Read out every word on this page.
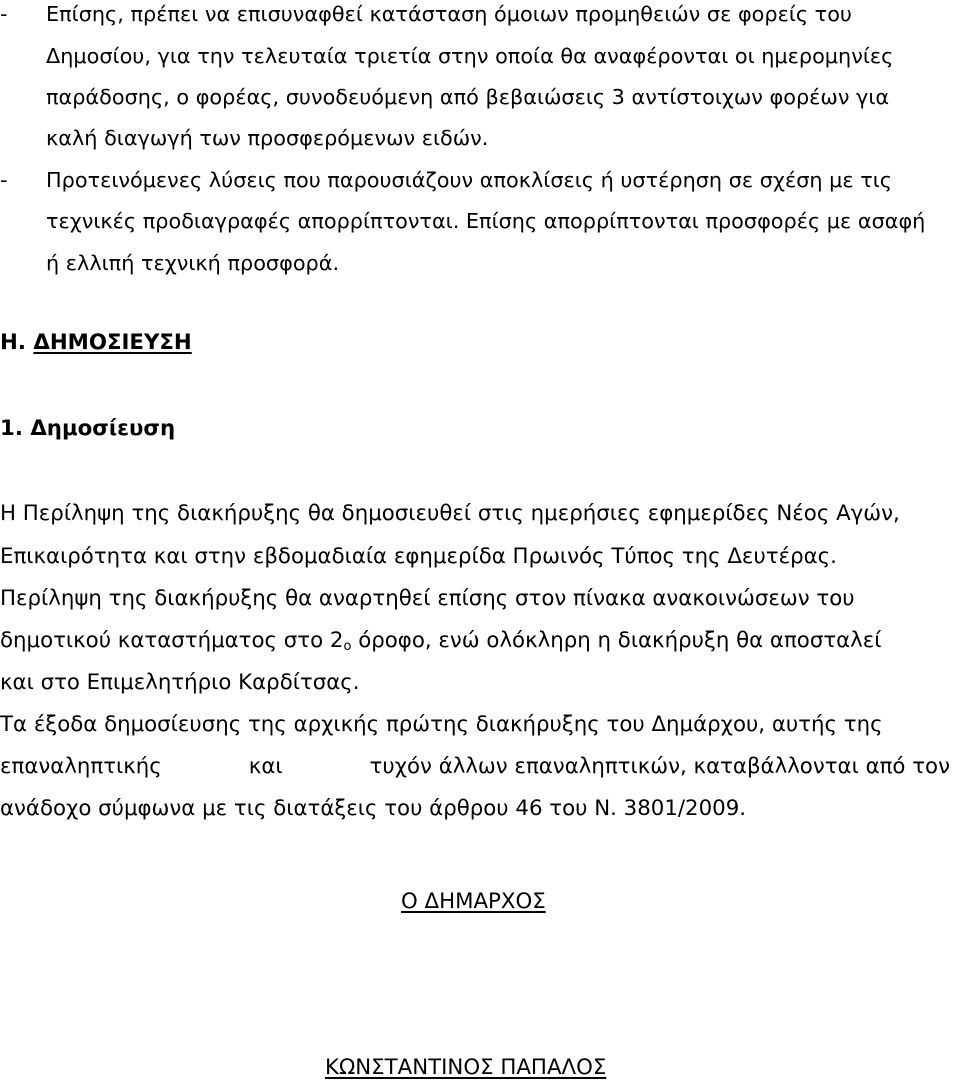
- Επίσης, πρέπει να επισυναφθεί κατάσταση όμοιων προμηθειών σε φορείς του
Δημοσίου, για την τελευταία τριετία στην οποία θα αναφέρονται οι ημερομηνίες
παράδοσης, ο φορέας, συνοδευόμενη από βεβαιώσεις 3 αντίστοιχων φορέων για
καλή διαγωγή των προσφερόμενων ειδών.
- Προτεινόμενες λύσεις που παρουσιάζουν αποκλίσεις ή υστέρηση σε σχέση με τις
τεχνικές προδιαγραφές απορρίπτονται. Επίσης απορρίπτονται προσφορές με ασαφή
ή ελλιπή τεχνική προσφορά.
Η. ΔΗΜΟΣΙΕΥΣΗ
1. Δημοσίευση
Η Περίληψη της διακήρυξης θα δημοσιευθεί στις ημερήσιες εφημερίδες Νέος Αγών,
Επικαιρότητα και στην εβδομαδιαία εφημερίδα Πρωινός Τύπος της Δευτέρας.
Περίληψη της διακήρυξης θα αναρτηθεί επίσης στον πίνακα ανακοινώσεων του
δημοτικού καταστήματος στο $2_o$ όροφο, ενώ ολόκληρη η διακήρυξη θα αποσταλεί
και στο Επιμελητήριο Καρδίτσας.
Τα έξοδα δημοσίευσης της αρχικής πρώτης διακήρυξης του Δημάρχου, αυτής της
επαναληπτικής	και	τυχόν άλλων επαναληπτικών, καταβάλλονται από τον
ανάδοχο σύμφωνα με τις διατάξεις του άρθρου 46 του Ν. 3801/2009.
Ο ΔΗΜΑΡΧΟΣ
ΚΩΝΣΤΑΝΤΙΝΟΣ ΠΑΠΑΛΟΣ
